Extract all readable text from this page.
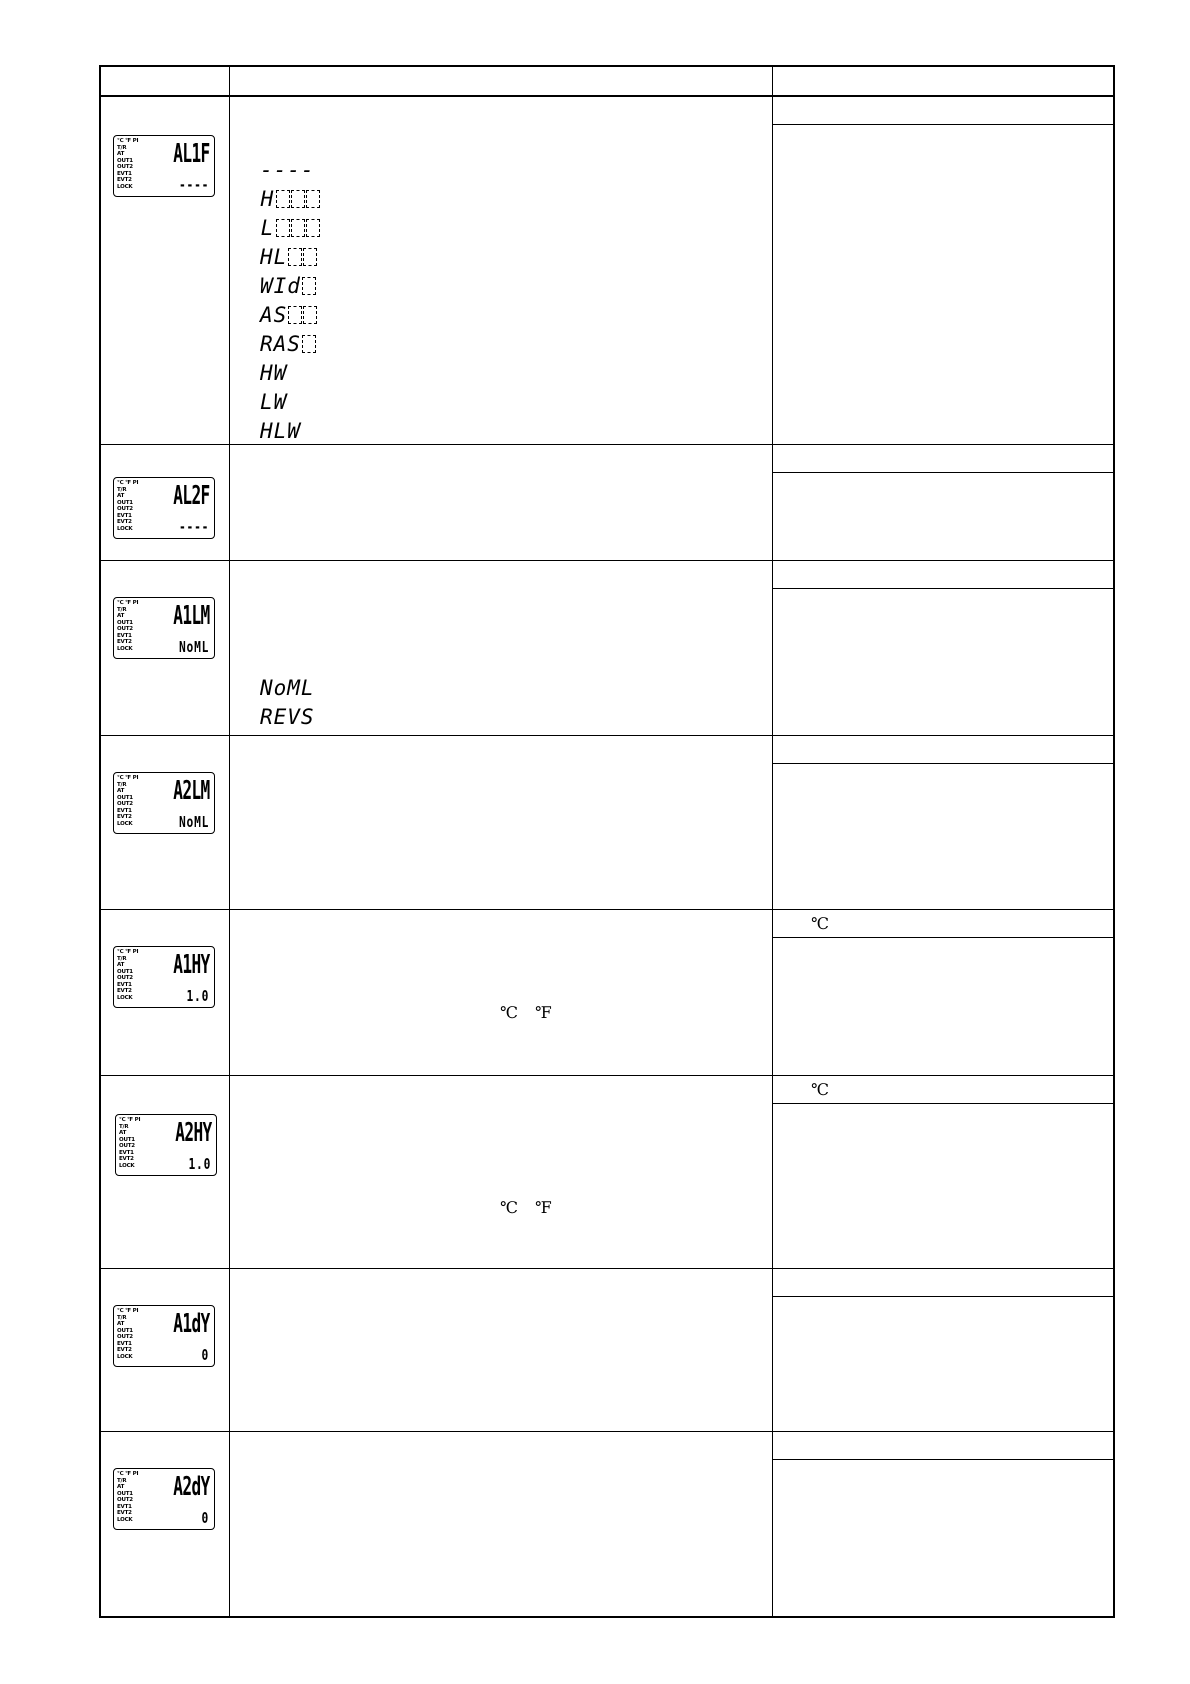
℃ ℉ PI
T/R
AT
OUT1
OUT2
EVT1
EVT2
LOCK
AL1F
----
----
H
L
HL
WId
AS
RAS
HW
LW
HLW
℃ ℉ PI
T/R
AT
OUT1
OUT2
EVT1
EVT2
LOCK
AL2F
----
℃ ℉ PI
T/R
AT
OUT1
OUT2
EVT1
EVT2
LOCK
A1LM
NoML
NoML
REVS
℃ ℉ PI
T/R
AT
OUT1
OUT2
EVT1
EVT2
LOCK
A2LM
NoML
℃ ℉ PI
T/R
AT
OUT1
OUT2
EVT1
EVT2
LOCK
A1HY
1.0
℃ ℉
℃
℃ ℉ PI
T/R
AT
OUT1
OUT2
EVT1
EVT2
LOCK
A2HY
1.0
℃ ℉
℃
℃ ℉ PI
T/R
AT
OUT1
OUT2
EVT1
EVT2
LOCK
A1dY
0
℃ ℉ PI
T/R
AT
OUT1
OUT2
EVT1
EVT2
LOCK
A2dY
0
